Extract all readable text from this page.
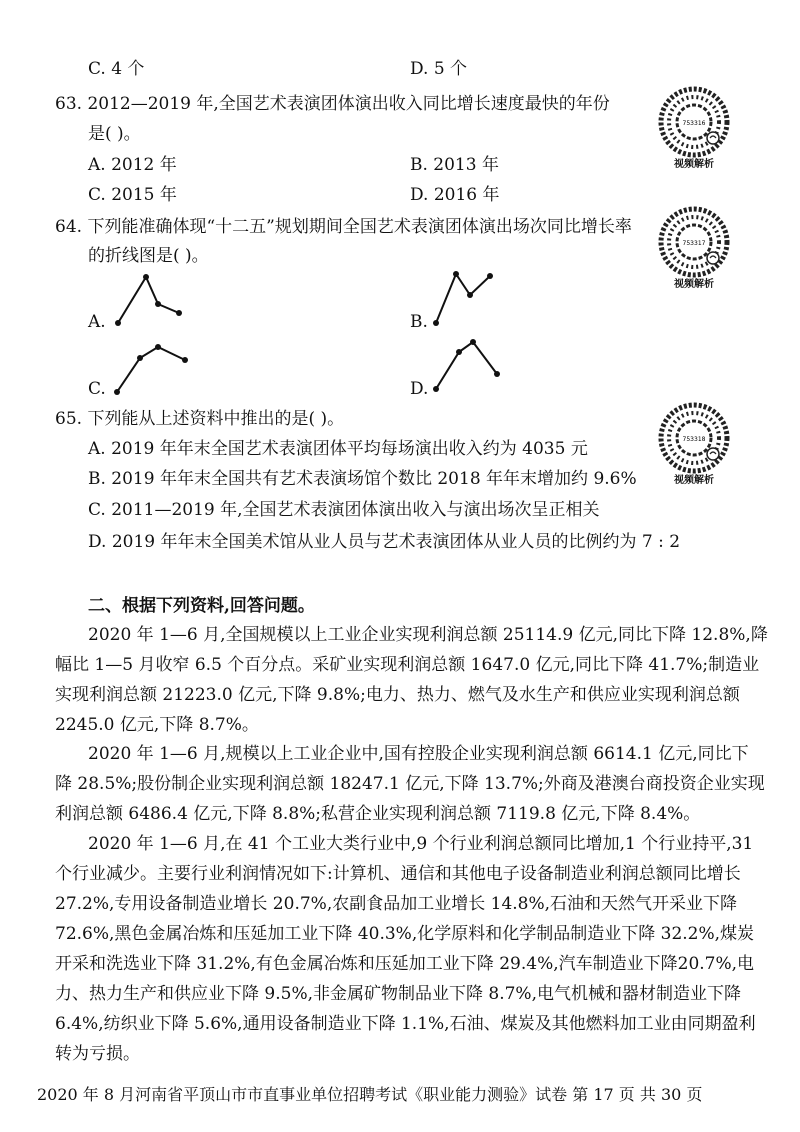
C. 4 个	D. 5 个
63. 2012—2019 年,全国艺术表演团体演出收入同比增长速度最快的年份
是( )。
A. 2012 年	B. 2013 年
C. 2015 年	D. 2016 年
753316
视频解析
64. 下列能准确体现“十二五”规划期间全国艺术表演团体演出场次同比增长率
的折线图是( )。
753317
视频解析
A.	B.
C.	D.
65. 下列能从上述资料中推出的是( )。
A. 2019 年年末全国艺术表演团体平均每场演出收入约为 4035 元
B. 2019 年年末全国共有艺术表演场馆个数比 2018 年年末增加约 9.6%
C. 2011—2019 年,全国艺术表演团体演出收入与演出场次呈正相关
D. 2019 年年末全国美术馆从业人员与艺术表演团体从业人员的比例约为 7 : 2
753318
视频解析
二、根据下列资料,回答问题。
2020 年 1—6 月,全国规模以上工业企业实现利润总额 25114.9 亿元,同比下降 12.8%,降
幅比 1—5 月收窄 6.5 个百分点。采矿业实现利润总额 1647.0 亿元,同比下降 41.7%;制造业
实现利润总额 21223.0 亿元,下降 9.8%;电力、热力、燃气及水生产和供应业实现利润总额
2245.0 亿元,下降 8.7%。
2020 年 1—6 月,规模以上工业企业中,国有控股企业实现利润总额 6614.1 亿元,同比下
降 28.5%;股份制企业实现利润总额 18247.1 亿元,下降 13.7%;外商及港澳台商投资企业实现
利润总额 6486.4 亿元,下降 8.8%;私营企业实现利润总额 7119.8 亿元,下降 8.4%。
2020 年 1—6 月,在 41 个工业大类行业中,9 个行业利润总额同比增加,1 个行业持平,31
个行业减少。主要行业利润情况如下:计算机、通信和其他电子设备制造业利润总额同比增长
27.2%,专用设备制造业增长 20.7%,农副食品加工业增长 14.8%,石油和天然气开采业下降
72.6%,黑色金属冶炼和压延加工业下降 40.3%,化学原料和化学制品制造业下降 32.2%,煤炭
开采和洗选业下降 31.2%,有色金属冶炼和压延加工业下降 29.4%,汽车制造业下降20.7%,电
力、热力生产和供应业下降 9.5%,非金属矿物制品业下降 8.7%,电气机械和器材制造业下降
6.4%,纺织业下降 5.6%,通用设备制造业下降 1.1%,石油、煤炭及其他燃料加工业由同期盈利
转为亏损。
2020 年 8 月河南省平顶山市市直事业单位招聘考试《职业能力测验》试卷 第 17 页 共 30 页
